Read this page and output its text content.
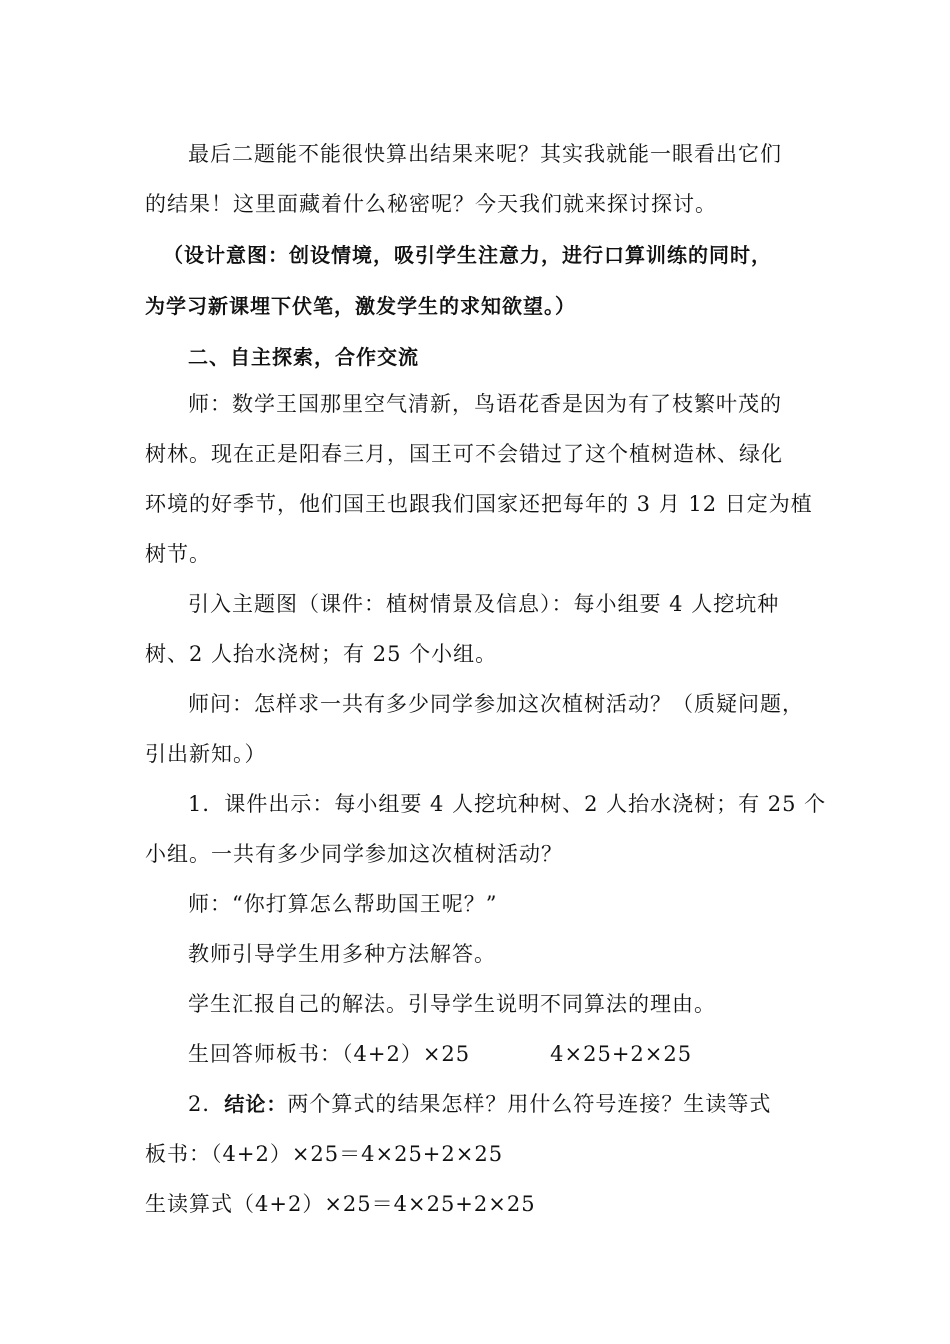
最后二题能不能很快算出结果来呢？其实我就能一眼看出它们
的结果！这里面藏着什么秘密呢？今天我们就来探讨探讨。
（设计意图：创设情境，吸引学生注意力，进行口算训练的同时，
为学习新课埋下伏笔，激发学生的求知欲望。）
二、自主探索，合作交流
师：数学王国那里空气清新，鸟语花香是因为有了枝繁叶茂的
树林。现在正是阳春三月，国王可不会错过了这个植树造林、绿化
环境的好季节，他们国王也跟我们国家还把每年的 3 月 12 日定为植
树节。
引入主题图（课件：植树情景及信息）：每小组要 4 人挖坑种
树、2 人抬水浇树；有 25 个小组。
师问：怎样求一共有多少同学参加这次植树活动？（质疑问题，
引出新知。）
1．课件出示：每小组要 4 人挖坑种树、2 人抬水浇树；有 25 个
小组。一共有多少同学参加这次植树活动？
师：“你打算怎么帮助国王呢？”
教师引导学生用多种方法解答。
学生汇报自己的解法。引导学生说明不同算法的理由。
生回答师板书：（4+2）×25	4×25+2×25
2．结论：两个算式的结果怎样？用什么符号连接？生读等式
板书：（4+2）×25＝4×25+2×25
生读算式（4+2）×25＝4×25+2×25
